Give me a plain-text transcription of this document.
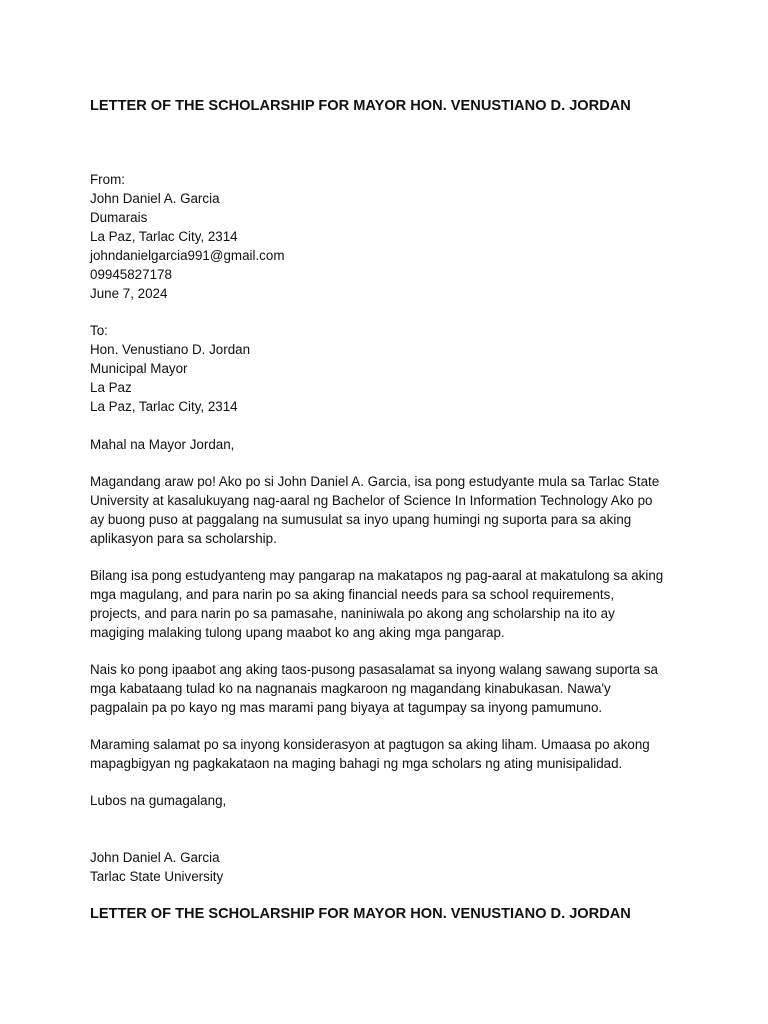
LETTER OF THE SCHOLARSHIP FOR MAYOR HON. VENUSTIANO D. JORDAN
From:
John Daniel A. Garcia
Dumarais
La Paz, Tarlac City, 2314
johndanielgarcia991@gmail.com
09945827178
June 7, 2024
To:
Hon. Venustiano D. Jordan
Municipal Mayor
La Paz
La Paz, Tarlac City, 2314
Mahal na Mayor Jordan,
Magandang araw po! Ako po si John Daniel A. Garcia, isa pong estudyante mula sa Tarlac State
University at kasalukuyang nag-aaral ng Bachelor of Science In Information Technology Ako po
ay buong puso at paggalang na sumusulat sa inyo upang humingi ng suporta para sa aking
aplikasyon para sa scholarship.
Bilang isa pong estudyanteng may pangarap na makatapos ng pag-aaral at makatulong sa aking
mga magulang, and para narin po sa aking financial needs para sa school requirements,
projects, and para narin po sa pamasahe, naniniwala po akong ang scholarship na ito ay
magiging malaking tulong upang maabot ko ang aking mga pangarap.
Nais ko pong ipaabot ang aking taos-pusong pasasalamat sa inyong walang sawang suporta sa
mga kabataang tulad ko na nagnanais magkaroon ng magandang kinabukasan. Nawa'y
pagpalain pa po kayo ng mas marami pang biyaya at tagumpay sa inyong pamumuno.
Maraming salamat po sa inyong konsiderasyon at pagtugon sa aking liham. Umaasa po akong
mapagbigyan ng pagkakataon na maging bahagi ng mga scholars ng ating munisipalidad.
Lubos na gumagalang,
John Daniel A. Garcia
Tarlac State University
LETTER OF THE SCHOLARSHIP FOR MAYOR HON. VENUSTIANO D. JORDAN
